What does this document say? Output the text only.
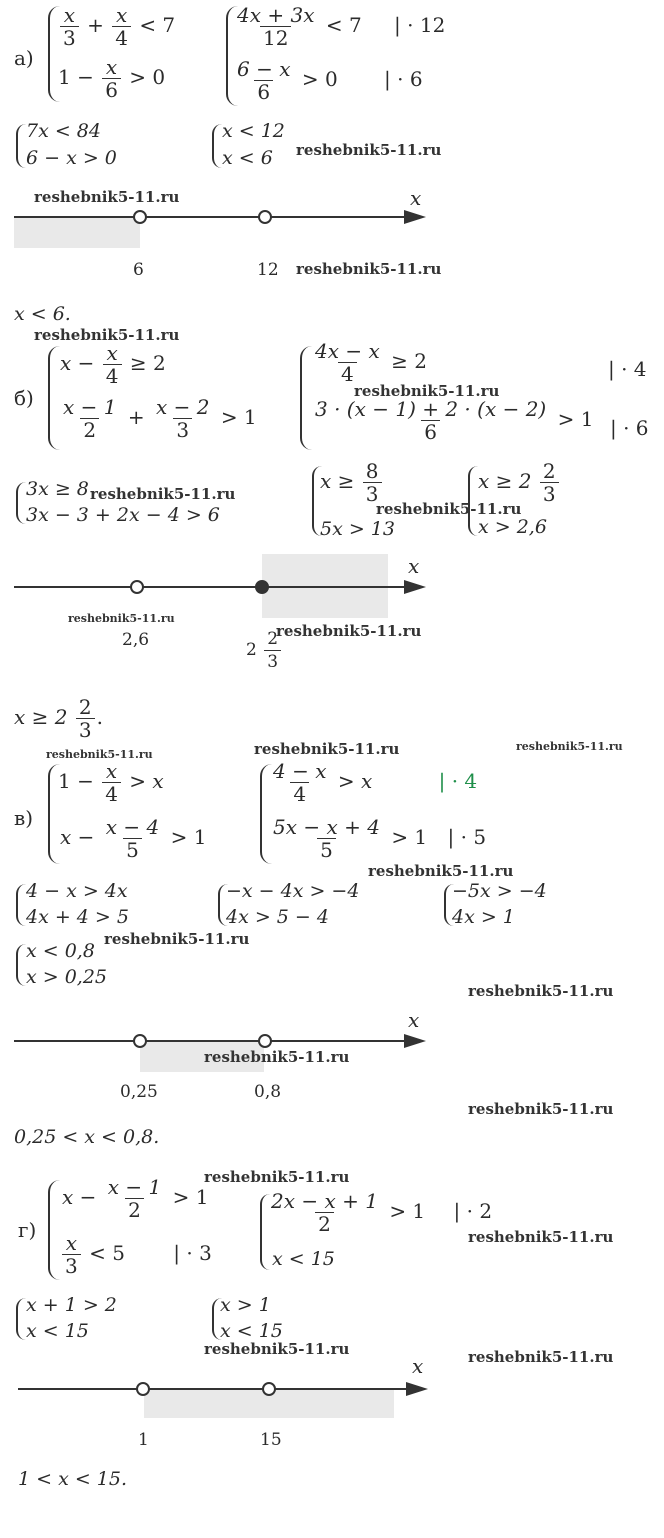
а)
$\frac{x}{3} + \frac{x}{4} < 7$
$1 - \frac{x}{6} > 0$
$\frac{4x + 3x}{12} < 7$ | · 12
$\frac{6 - x}{6} > 0$ | · 6
7x < 84
6 − x > 0
x < 12
x < 6 reshebnik5-11.ru
reshebnik5-11.ru	x
6	12 reshebnik5-11.ru
x < 6.
reshebnik5-11.ru
б)
$x - \frac{x}{4} \ge 2$
$\frac{x - 1}{2} + \frac{x - 2}{3} > 1$
$\frac{4x - x}{4} \ge 2$	| · 4
reshebnik5-11.ru
$\frac{3 \cdot (x - 1) + 2 \cdot (x - 2)}{6} > 1$ | · 6
3x ≥ 8
3x − 3 + 2x − 4 > 6
reshebnik5-11.ru
$x \ge \frac{8}{3}$
5x > 13
reshebnik5-11.ru
$x \ge 2 \frac{2}{3}$
x > 2,6
x
reshebnik5-11.ru
2,6	$2 \frac{2}{3}$
reshebnik5-11.ru
$x \ge 2 \frac{2}{3}$ .
reshebnik5-11.ru	reshebnik5-11.ru	reshebnik5-11.ru
в)
$1 - \frac{x}{4} > x$
$x - \frac{x - 4}{5} > 1$
$\frac{4 - x}{4} > x$	| · 4
$\frac{5x - x + 4}{5} > 1$ | · 5
reshebnik5-11.ru
4 − x > 4x
4x + 4 > 5
−x − 4x > −4
4x > 5 − 4
−5x > −4
4x > 1
x < 0,8
x > 0,25
reshebnik5-11.ru
reshebnik5-11.ru
x
reshebnik5-11.ru
0,25	0,8
reshebnik5-11.ru
0,25 < x < 0,8.
reshebnik5-11.ru
г)
$x - \frac{x - 1}{2} > 1$
$\frac{x}{3} < 5$ | · 3
$\frac{2x - x + 1}{2} > 1$ | · 2
x < 15
reshebnik5-11.ru
x + 1 > 2
x < 15
x > 1
x < 15
reshebnik5-11.ru	reshebnik5-11.ru
x
1	15
1 < x < 15.
